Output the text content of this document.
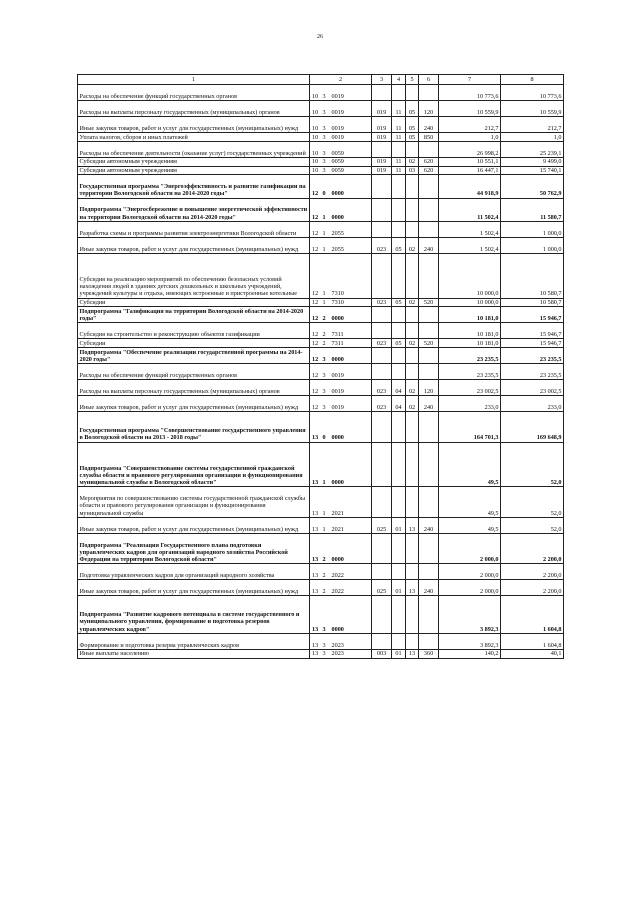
26
1	2			3	4	5	6	7	8
Расходы на обеспечение функций государственных органов	10	3	0019					10 773,6	10 773,6
Расходы на выплаты персоналу государственных (муниципальных) органов	10	3	0019	019	11	05	120	10 559,9	10 559,9
Иные закупки товаров, работ и услуг для государственных (муниципальных) нужд	10	3	0019	019	11	05	240	212,7	212,7
Уплата налогов, сборов и иных платежей	10	3	0019	019	11	05	850	1,0	1,0
Расходы на обеспечение деятельности (оказание услуг) государственных учреждений	10	3	0059					26 998,2	25 239,1
Субсидии автономным учреждениям	10	3	0059	019	11	02	620	10 551,1	9 499,0
Субсидии автономным учреждениям	10	3	0059	019	11	03	620	16 447,1	15 740,1
Государственная программа "Энергоэффективность и развитие газификации на территории Вологодской области на 2014-2020 годы"	12	0	0000					44 918,9	50 762,9
Подпрограмма "Энергосбережение и повышение энергетической эффективности на территории Вологодской области на 2014-2020 годы"	12	1	0000					11 502,4	11 580,7
Разработка схемы и программы развития электроэнергетики Вологодской области	12	1	2055					1 502,4	1 000,0
Иные закупки товаров, работ и услуг для государственных (муниципальных) нужд	12	1	2055	023	05	02	240	1 502,4	1 000,0
Субсидия на реализацию мероприятий по обеспечению безопасных условий нахождения людей в зданиях детских дошкольных и школьных учреждений, учреждений культуры и отдыха, имеющих встроенные и пристроенные котельные	12	1	7310					10 000,0	10 580,7
Субсидии	12	1	7310	023	05	02	520	10 000,0	10 580,7
Подпрограмма "Газификация на территории Вологодской области на 2014-2020 годы"	12	2	0000					10 181,0	15 946,7
Субсидия на строительство и реконструкцию объектов газификации	12	2	7311					10 181,0	15 946,7
Субсидии	12	2	7311	023	05	02	520	10 181,0	15 946,7
Подпрограмма "Обеспечение реализации государственной программы на 2014-2020 годы"	12	3	0000					23 235,5	23 235,5
Расходы на обеспечение функций государственных органов	12	3	0019					23 235,5	23 235,5
Расходы на выплаты персоналу государственных (муниципальных) органов	12	3	0019	023	04	02	120	23 002,5	23 002,5
Иные закупки товаров, работ и услуг для государственных (муниципальных) нужд	12	3	0019	023	04	02	240	233,0	233,0
Государственная программа "Совершенствование государственного управления в Вологодской области на 2013 - 2018 годы"	13	0	0000					164 701,3	169 648,9
Подпрограмма "Совершенствование системы государственной гражданской службы области и правового регулирования организации и функционирования муниципальной службы в Вологодской области"	13	1	0000					49,5	52,0
Мероприятия по совершенствованию системы государственной гражданской службы области и правового регулирования организации и функционирования муниципальной службы	13	1	2021					49,5	52,0
Иные закупки товаров, работ и услуг для государственных (муниципальных) нужд	13	1	2021	025	01	13	240	49,5	52,0
Подпрограмма "Реализация Государственного плана подготовки управленческих кадров для организаций народного хозяйства Российской Федерации на территории Вологодской области"	13	2	0000					2 000,0	2 200,0
Подготовка управленческих кадров для организаций народного хозяйства	13	2	2022					2 000,0	2 200,0
Иные закупки товаров, работ и услуг для государственных (муниципальных) нужд	13	2	2022	025	01	13	240	2 000,0	2 200,0
Подпрограмма "Развитие кадрового потенциала в системе государственного и муниципального управления, формирование и подготовка резервов управленческих кадров"	13	3	0000					3 892,3	1 604,8
Формирование и подготовка резерва управленческих кадров	13	3	2023					3 892,3	1 604,8
Иные выплаты населению	13	3	2023	003	01	13	360	140,2	40,1
